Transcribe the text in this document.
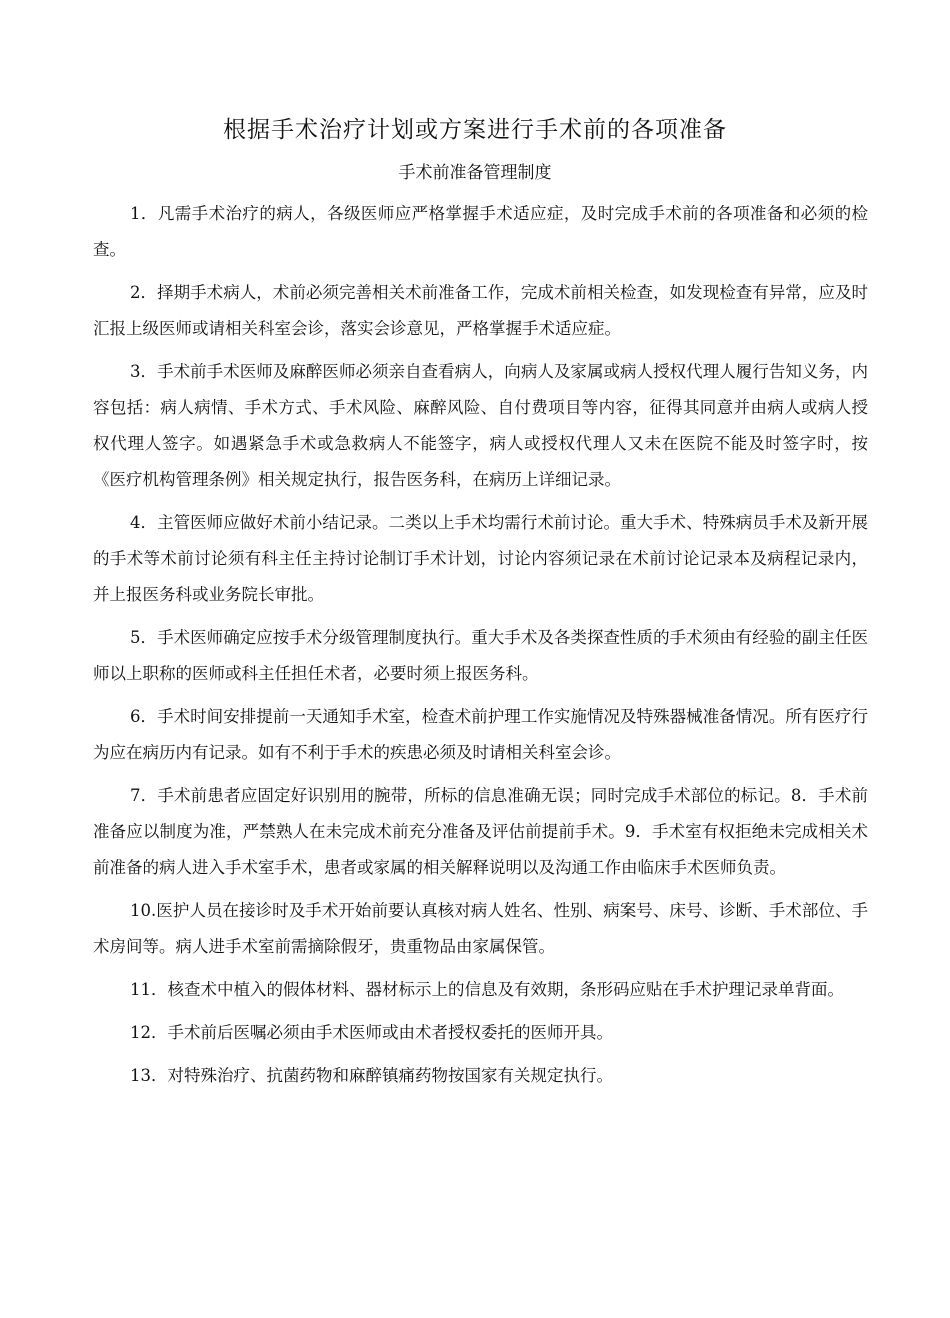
根据手术治疗计划或方案进行手术前的各项准备
手术前准备管理制度

1．凡需手术治疗的病人，各级医师应严格掌握手术适应症，及时完成手术前的各项准备和必须的检查。

2．择期手术病人，术前必须完善相关术前准备工作，完成术前相关检查，如发现检查有异常，应及时汇报上级医师或请相关科室会诊，落实会诊意见，严格掌握手术适应症。

3．手术前手术医师及麻醉医师必须亲自查看病人，向病人及家属或病人授权代理人履行告知义务，内容包括：病人病情、手术方式、手术风险、麻醉风险、自付费项目等内容，征得其同意并由病人或病人授权代理人签字。如遇紧急手术或急救病人不能签字，病人或授权代理人又未在医院不能及时签字时，按《医疗机构管理条例》相关规定执行，报告医务科，在病历上详细记录。

4．主管医师应做好术前小结记录。二类以上手术均需行术前讨论。重大手术、特殊病员手术及新开展的手术等术前讨论须有科主任主持讨论制订手术计划，讨论内容须记录在术前讨论记录本及病程记录内，并上报医务科或业务院长审批。

5．手术医师确定应按手术分级管理制度执行。重大手术及各类探查性质的手术须由有经验的副主任医师以上职称的医师或科主任担任术者，必要时须上报医务科。

6．手术时间安排提前一天通知手术室，检查术前护理工作实施情况及特殊器械准备情况。所有医疗行为应在病历内有记录。如有不利于手术的疾患必须及时请相关科室会诊。

7．手术前患者应固定好识别用的腕带，所标的信息准确无误；同时完成手术部位的标记。8．手术前准备应以制度为准，严禁熟人在未完成术前充分准备及评估前提前手术。9．手术室有权拒绝未完成相关术前准备的病人进入手术室手术，患者或家属的相关解释说明以及沟通工作由临床手术医师负责。

10.医护人员在接诊时及手术开始前要认真核对病人姓名、性别、病案号、床号、诊断、手术部位、手术房间等。病人进手术室前需摘除假牙，贵重物品由家属保管。

11．核查术中植入的假体材料、器材标示上的信息及有效期，条形码应贴在手术护理记录单背面。

12．手术前后医嘱必须由手术医师或由术者授权委托的医师开具。

13．对特殊治疗、抗菌药物和麻醉镇痛药物按国家有关规定执行。
